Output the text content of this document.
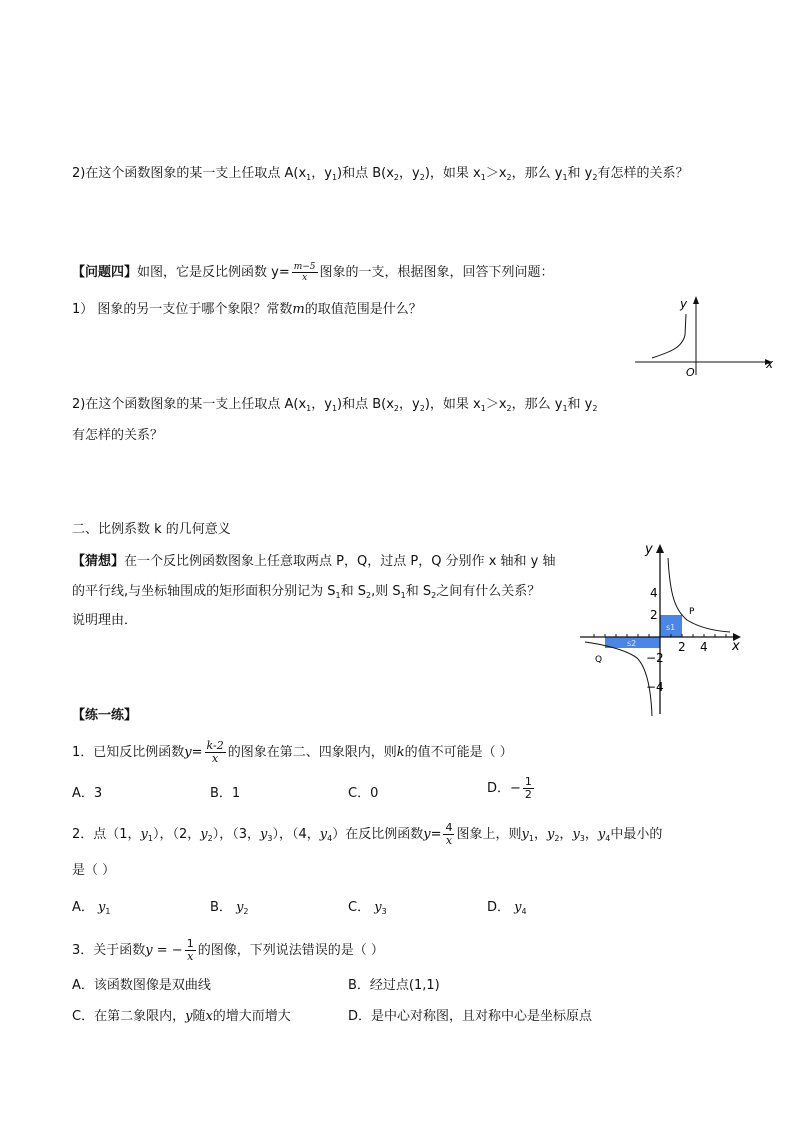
2)在这个函数图象的某一支上任取点 $A(x_1$，$y_1$)和点 $B(x_2$，$y_2$)，如果 $x_1>x_2$，那么 $y_1$和 $y_2$有怎样的关系？
【问题四】如图，它是反比例函数 $y= \frac{m-5}{x}$ 图象的一支，根据图象，回答下列问题：
1） 图象的另一支位于哪个象限？常数m的取值范围是什么？	y
x
O
2)在这个函数图象的某一支上任取点 $A(x_1$，$y_1$)和点 $B(x_2$，$y_2$)，如果 $x_1>x_2$，那么 $y_1$和 $y_2$
有怎样的关系？
二、比例系数 k 的几何意义
【猜想】在一个反比例函数图象上任意取两点 P，Q，过点 P，Q 分别作 x 轴和 y 轴
的平行线,与坐标轴围成的矩形面积分别记为 $S_1$和 $S_2$,则 $S_1$和 $S_2$之间有什么关系？
说明理由．
y
x
4
2
−2
−4
2 4
P
Q
s1
s2
【练一练】
1．已知反比例函数$y= \frac{k-2}{x}$ 的图象在第二、四象限内，则k的值不可能是（ ）
A．3	B．1	C．0	D．− $\frac{1}{2}$
2．点（1，$y_1$），（2，$y_2$），（3，$y_3$），（4，$y_4$）在反比例函数$y= \frac{4}{x}$ 图象上，则$y_1$，$y_2$，$y_3$，$y_4$中最小的
是（ ）
A． $y_1$	B． $y_2$	C． $y_3$	D． $y_4$
3．关于函数y = − $\frac{1}{x}$ 的图像，下列说法错误的是（ ）
A．该函数图像是双曲线	B．经过点(1,1)
C．在第二象限内，y随x的增大而增大	D．是中心对称图，且对称中心是坐标原点
